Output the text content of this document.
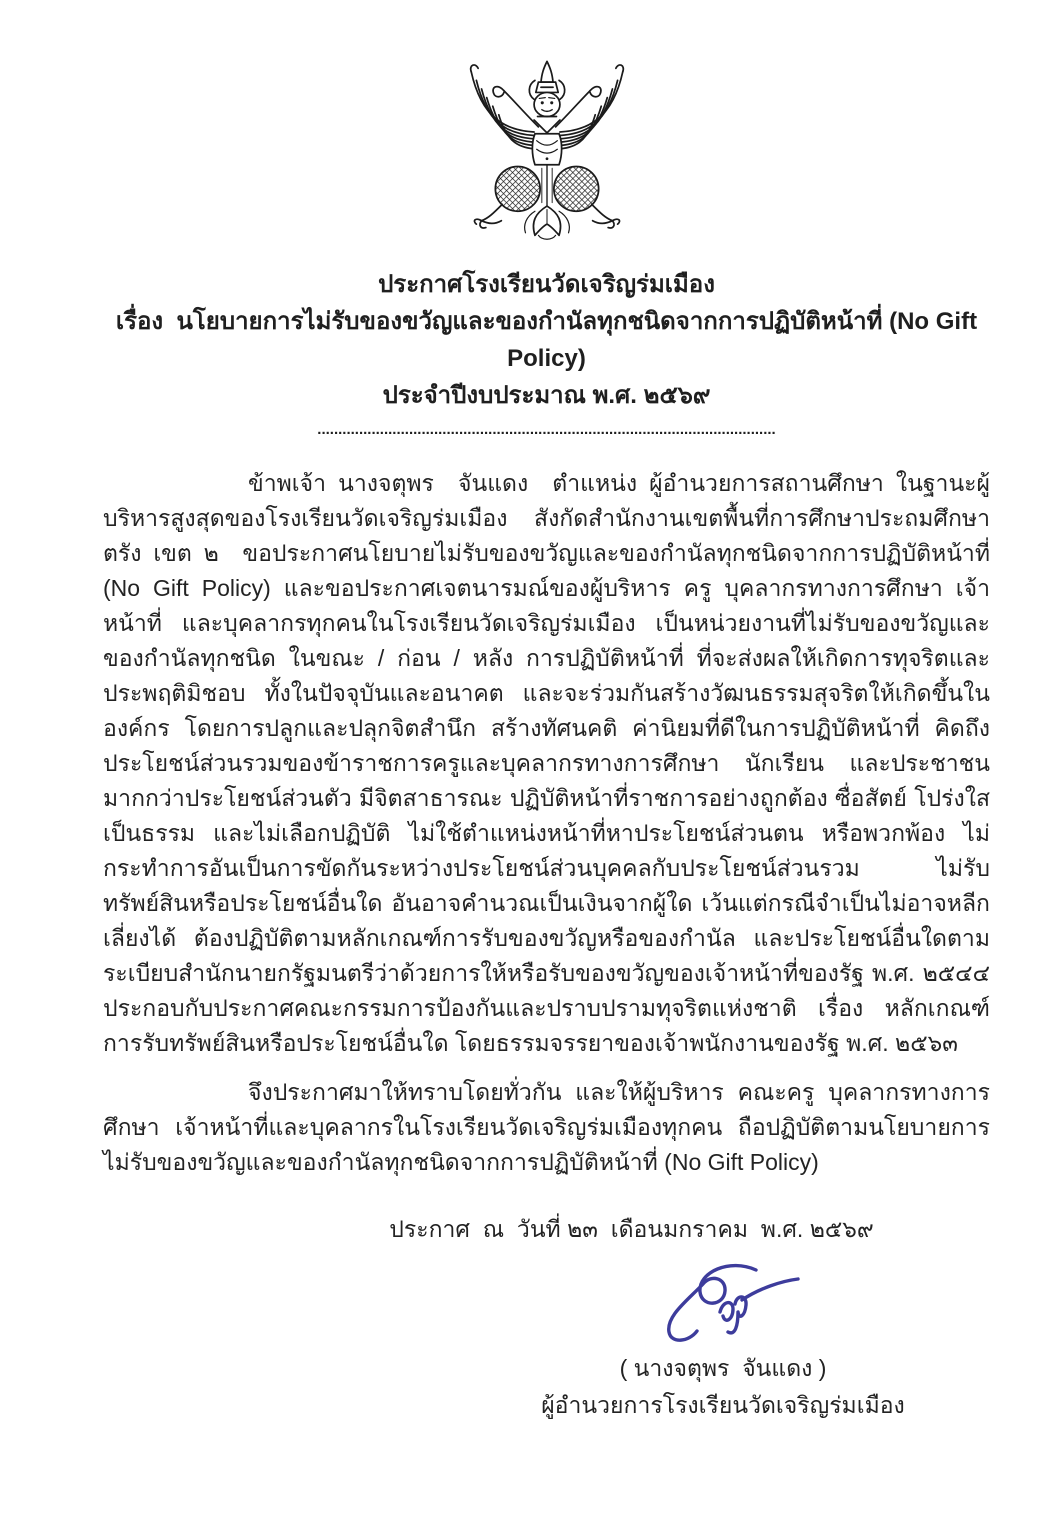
ประกาศโรงเรียนวัดเจริญร่มเมือง
เรื่อง  นโยบายการไม่รับของขวัญและของกำนัลทุกชนิดจากการปฏิบัติหน้าที่ (No Gift Policy)
ประจำปีงบประมาณ พ.ศ. ๒๕๖๙
..............................................................................................................

ข้าพเจ้า นางจตุพร  จันแดง  ตำแหน่ง ผู้อำนวยการสถานศึกษา ในฐานะผู้บริหารสูงสุดของโรงเรียนวัดเจริญร่มเมือง สังกัดสำนักงานเขตพื้นที่การศึกษาประถมศึกษาตรัง เขต ๒  ขอประกาศนโยบายไม่รับของขวัญและของกำนัลทุกชนิดจากการปฏิบัติหน้าที่ (No Gift Policy) และขอประกาศเจตนารมณ์ของผู้บริหาร ครู บุคลากรทางการศึกษา เจ้าหน้าที่ และบุคลากรทุกคนในโรงเรียนวัดเจริญร่มเมือง เป็นหน่วยงานที่ไม่รับของขวัญและของกำนัลทุกชนิด ในขณะ / ก่อน / หลัง การปฏิบัติหน้าที่ ที่จะส่งผลให้เกิดการทุจริตและประพฤติมิชอบ ทั้งในปัจจุบันและอนาคต และจะร่วมกันสร้างวัฒนธรรมสุจริตให้เกิดขึ้นในองค์กร โดยการปลูกและปลุกจิตสำนึก สร้างทัศนคติ ค่านิยมที่ดีในการปฏิบัติหน้าที่ คิดถึงประโยชน์ส่วนรวมของข้าราชการครูและบุคลากรทางการศึกษา นักเรียน และประชาชนมากกว่าประโยชน์ส่วนตัว มีจิตสาธารณะ ปฏิบัติหน้าที่ราชการอย่างถูกต้อง ซื่อสัตย์ โปร่งใส เป็นธรรม และไม่เลือกปฏิบัติ ไม่ใช้ตำแหน่งหน้าที่หาประโยชน์ส่วนตน หรือพวกพ้อง ไม่กระทำการอันเป็นการขัดกันระหว่างประโยชน์ส่วนบุคคลกับประโยชน์ส่วนรวม ไม่รับทรัพย์สินหรือประโยชน์อื่นใด อันอาจคำนวณเป็นเงินจากผู้ใด เว้นแต่กรณีจำเป็นไม่อาจหลีกเลี่ยงได้ ต้องปฏิบัติตามหลักเกณฑ์การรับของขวัญหรือของกำนัล และประโยชน์อื่นใดตามระเบียบสำนักนายกรัฐมนตรีว่าด้วยการให้หรือรับของขวัญของเจ้าหน้าที่ของรัฐ พ.ศ. ๒๕๔๔ ประกอบกับประกาศคณะกรรมการป้องกันและปราบปรามทุจริตแห่งชาติ เรื่อง หลักเกณฑ์การรับทรัพย์สินหรือประโยชน์อื่นใด โดยธรรมจรรยาของเจ้าพนักงานของรัฐ พ.ศ. ๒๕๖๓

จึงประกาศมาให้ทราบโดยทั่วกัน และให้ผู้บริหาร คณะครู บุคลากรทางการศึกษา เจ้าหน้าที่และบุคลากรในโรงเรียนวัดเจริญร่มเมืองทุกคน ถือปฏิบัติตามนโยบายการไม่รับของขวัญและของกำนัลทุกชนิดจากการปฏิบัติหน้าที่ (No Gift Policy)

ประกาศ  ณ  วันที่ ๒๓  เดือนมกราคม  พ.ศ. ๒๕๖๙
( นางจตุพร  จันแดง )
ผู้อำนวยการโรงเรียนวัดเจริญร่มเมือง
